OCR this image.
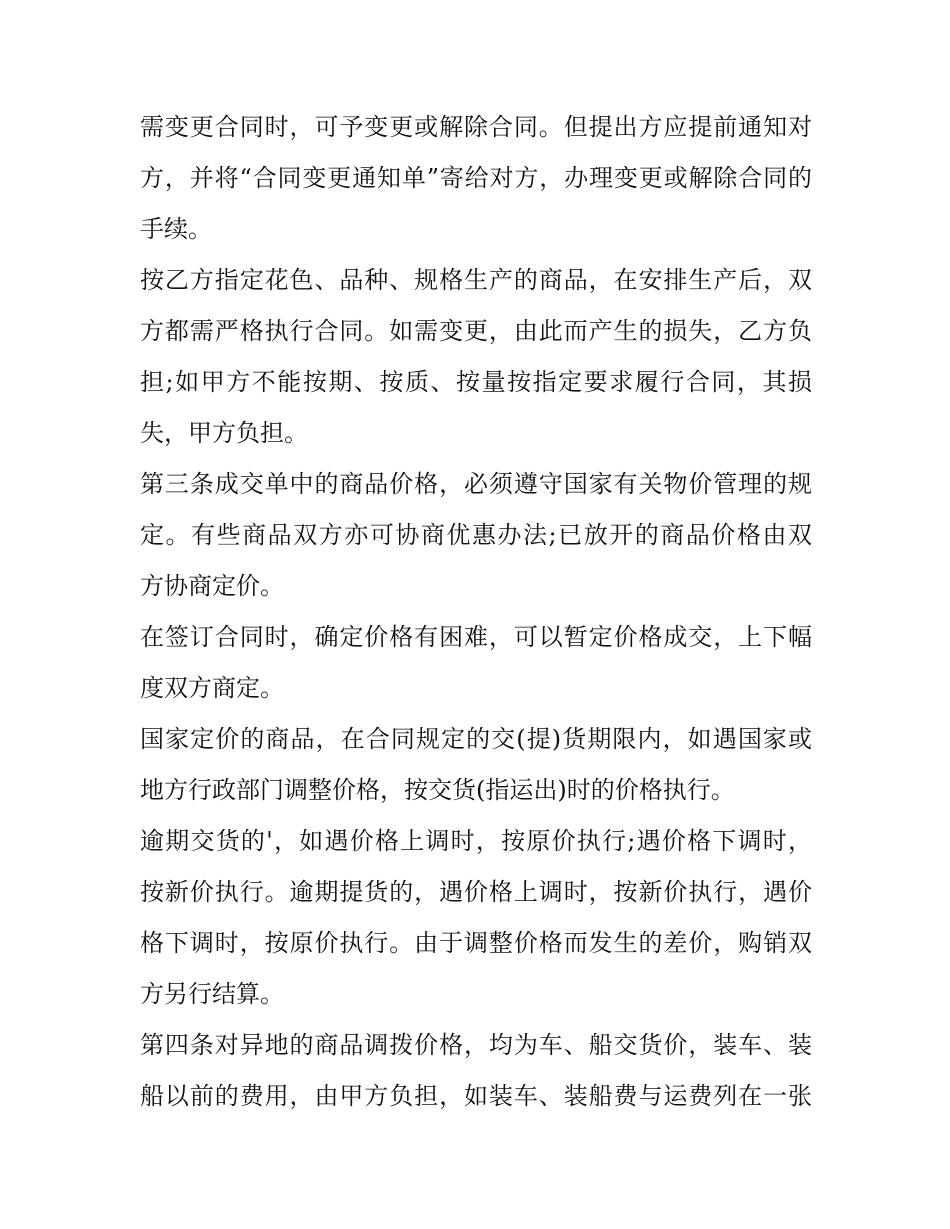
需变更合同时，可予变更或解除合同。但提出方应提前通知对
方，并将“合同变更通知单”寄给对方，办理变更或解除合同的
手续。
按乙方指定花色、品种、规格生产的商品，在安排生产后，双
方都需严格执行合同。如需变更，由此而产生的损失，乙方负
担;如甲方不能按期、按质、按量按指定要求履行合同，其损
失，甲方负担。
第三条成交单中的商品价格，必须遵守国家有关物价管理的规
定。有些商品双方亦可协商优惠办法;已放开的商品价格由双
方协商定价。
在签订合同时，确定价格有困难，可以暂定价格成交，上下幅
度双方商定。
国家定价的商品，在合同规定的交(提)货期限内，如遇国家或
地方行政部门调整价格，按交货(指运出)时的价格执行。
逾期交货的'，如遇价格上调时，按原价执行;遇价格下调时，
按新价执行。逾期提货的，遇价格上调时，按新价执行，遇价
格下调时，按原价执行。由于调整价格而发生的差价，购销双
方另行结算。
第四条对异地的商品调拨价格，均为车、船交货价，装车、装
船以前的费用，由甲方负担，如装车、装船费与运费列在一张
